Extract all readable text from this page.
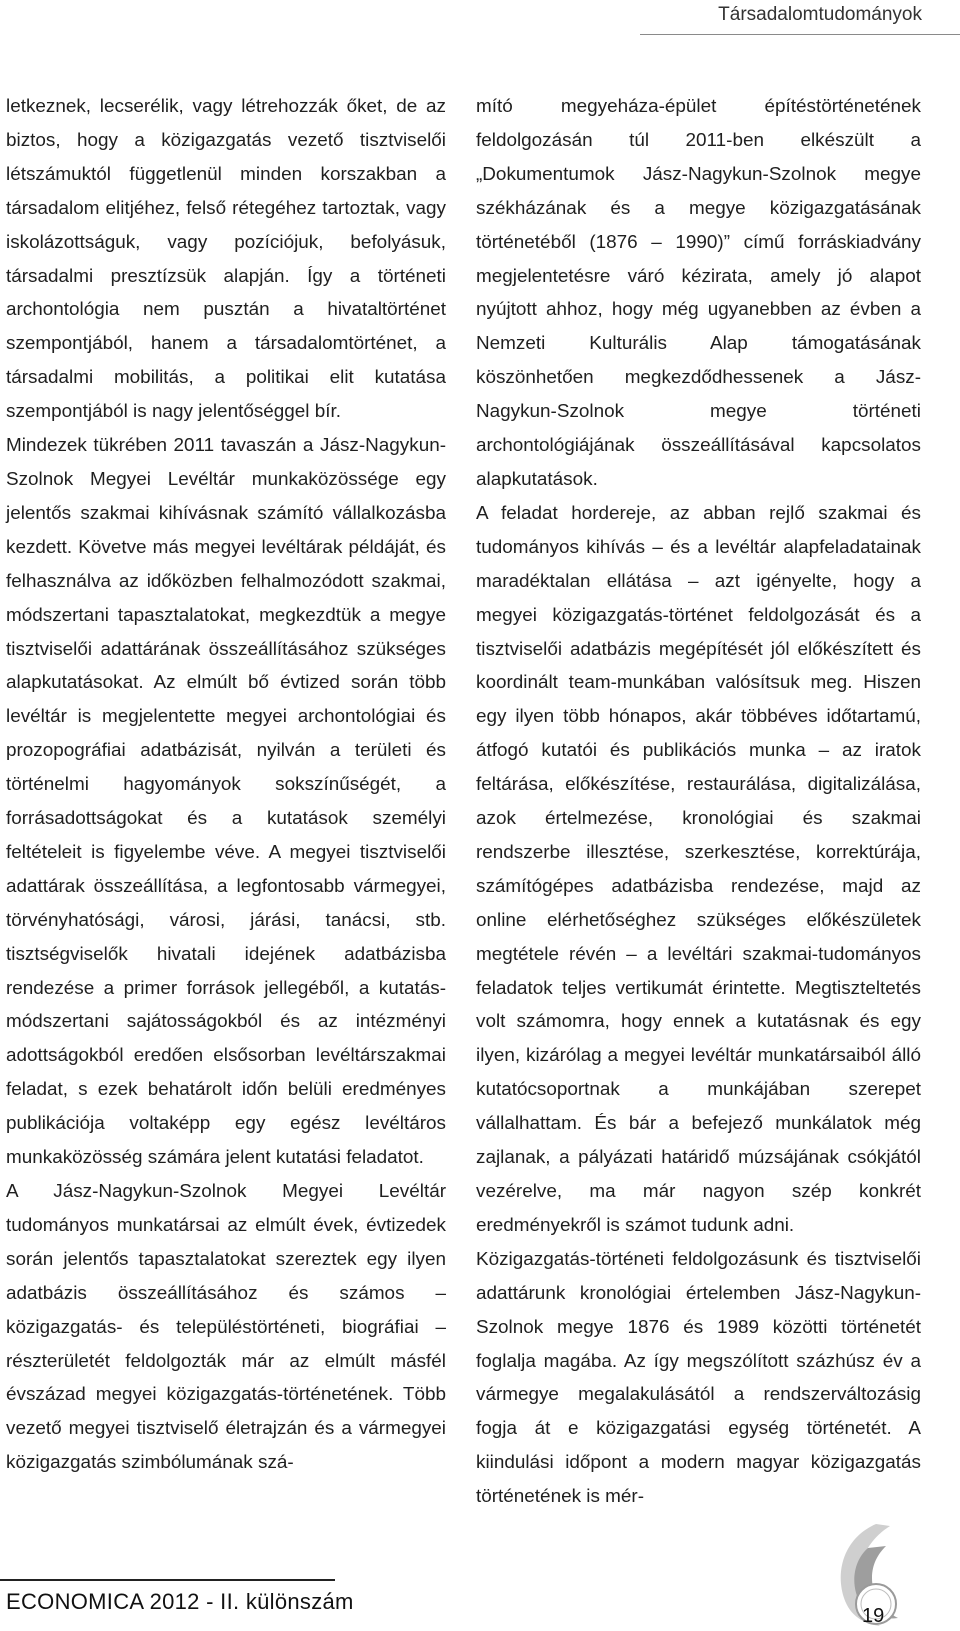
Társadalomtudományok

letkeznek, lecserélik, vagy létrehozzák őket, de az biztos, hogy a közigazgatás vezető tisztviselői létszámuktól függetlenül minden korszakban a társadalom elitjéhez, felső rétegéhez tartoztak, vagy iskolázottságuk, vagy pozíciójuk, befolyásuk, társadalmi presztízsük alapján. Így a történeti archontológia nem pusztán a hivataltörténet szempontjából, hanem a társadalomtörténet, a társadalmi mobilitás, a politikai elit kutatása szempontjából is nagy jelentőséggel bír.

Mindezek tükrében 2011 tavaszán a Jász-Nagykun-Szolnok Megyei Levéltár munkaközössége egy jelentős szakmai kihívásnak számító vállalkozásba kezdett. Követve más megyei levéltárak példáját, és felhasználva az időközben felhalmozódott szakmai, módszertani tapasztalatokat, megkezdtük a megye tisztviselői adattárának összeállításához szükséges alapkutatásokat. Az elmúlt bő évtized során több levéltár is megjelentette megyei archontológiai és prozopográfiai adatbázisát, nyilván a területi és történelmi hagyományok sokszínűségét, a forrásadottságokat és a kutatások személyi feltételeit is figyelembe véve. A megyei tisztviselői adattárak összeállítása, a legfontosabb vármegyei, törvényhatósági, városi, járási, tanácsi, stb. tisztségviselők hivatali idejének adatbázisba rendezése a primer források jellegéből, a kutatás-módszertani sajátosságokból és az intézményi adottságokból eredően elsősorban levéltárszakmai feladat, s ezek behatárolt időn belüli eredményes publikációja voltaképp egy egész levéltáros munkaközösség számára jelent kutatási feladatot.

A Jász-Nagykun-Szolnok Megyei Levéltár tudományos munkatársai az elmúlt évek, évtizedek során jelentős tapasztalatokat szereztek egy ilyen adatbázis összeállításához és számos – közigazgatás- és településtörténeti, biográfiai – részterületét feldolgozták már az elmúlt másfél évszázad megyei közigazgatás-történetének. Több vezető megyei tisztviselő életrajzán és a vármegyei közigazgatás szimbólumának szá-

mító megyeháza-épület építéstörténetének feldolgozásán túl 2011-ben elkészült a „Dokumentumok Jász-Nagykun-Szolnok megye székházának és a megye közigazgatásának történetéből (1876 – 1990)” című forráskiadvány megjelentetésre váró kézirata, amely jó alapot nyújtott ahhoz, hogy még ugyanebben az évben a Nemzeti Kulturális Alap támogatásának köszönhetően megkezdődhessenek a Jász-Nagykun-Szolnok megye történeti archontológiájának összeállításával kapcsolatos alapkutatások.

A feladat hordereje, az abban rejlő szakmai és tudományos kihívás – és a levéltár alapfeladatainak maradéktalan ellátása – azt igényelte, hogy a megyei közigazgatás-történet feldolgozását és a tisztviselői adatbázis megépítését jól előkészített és koordinált team-munkában valósítsuk meg. Hiszen egy ilyen több hónapos, akár többéves időtartamú, átfogó kutatói és publikációs munka – az iratok feltárása, előkészítése, restaurálása, digitalizálása, azok értelmezése, kronológiai és szakmai rendszerbe illesztése, szerkesztése, korrektúrája, számítógépes adatbázisba rendezése, majd az online elérhetőséghez szükséges előkészületek megtétele révén – a levéltári szakmai-tudományos feladatok teljes vertikumát érintette. Megtiszteltetés volt számomra, hogy ennek a kutatásnak és egy ilyen, kizárólag a megyei levéltár munkatársaiból álló kutatócsoportnak a munkájában szerepet vállalhattam. És bár a befejező munkálatok még zajlanak, a pályázati határidő múzsájának csókjától vezérelve, ma már nagyon szép konkrét eredményekről is számot tudunk adni.

Közigazgatás-történeti feldolgozásunk és tisztviselői adattárunk kronológiai értelemben Jász-Nagykun-Szolnok megye 1876 és 1989 közötti történetét foglalja magába. Az így megszólított százhúsz év a vármegye megalakulásától a rendszerváltozásig fogja át e közigazgatási egység történetét. A kiindulási időpont a modern magyar közigazgatás történetének is mér-

ECONOMICA 2012 - II. különszám
19
